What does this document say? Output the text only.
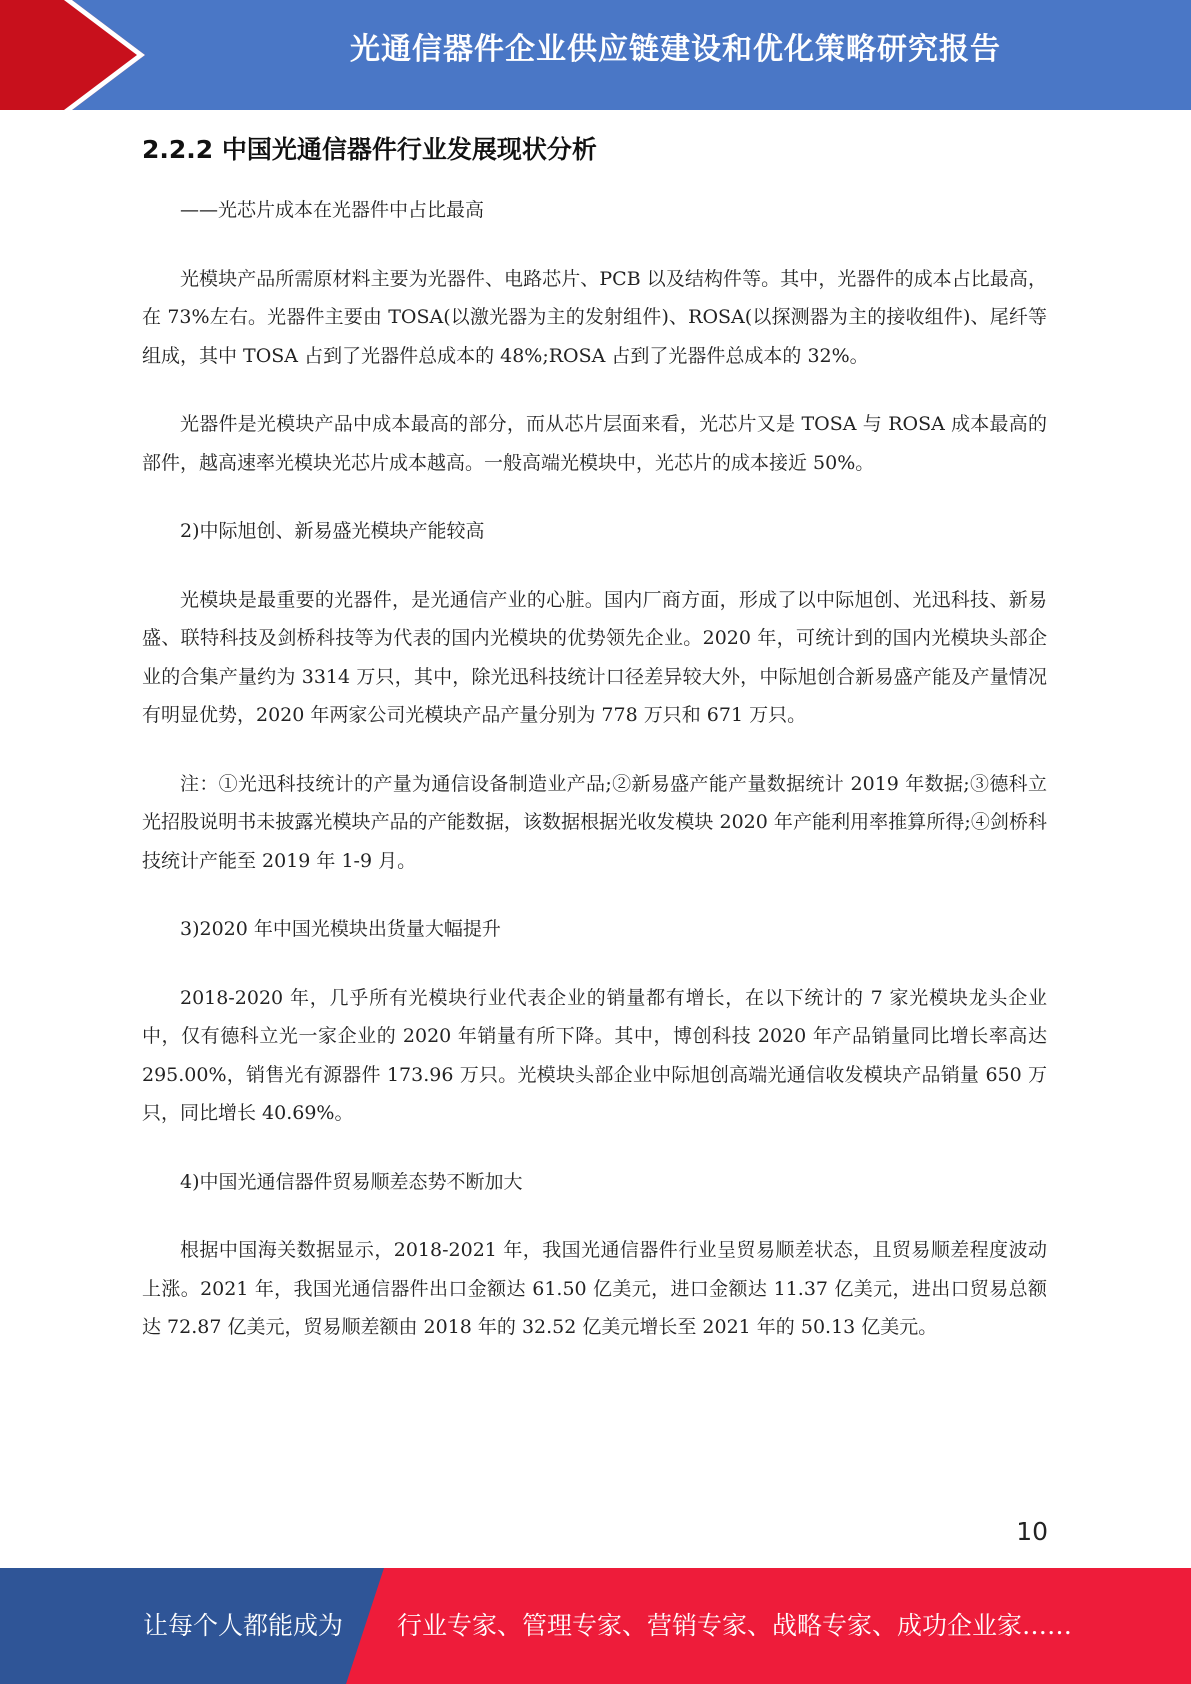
光通信器件企业供应链建设和优化策略研究报告
2.2.2 中国光通信器件行业发展现状分析

——光芯片成本在光器件中占比最高

光模块产品所需原材料主要为光器件、电路芯片、PCB 以及结构件等。其中，光器件的成本占比最高，在 73%左右。光器件主要由 TOSA(以激光器为主的发射组件)、ROSA(以探测器为主的接收组件)、尾纤等组成，其中 TOSA 占到了光器件总成本的 48%;ROSA 占到了光器件总成本的 32%。

光器件是光模块产品中成本最高的部分，而从芯片层面来看，光芯片又是 TOSA 与 ROSA 成本最高的部件，越高速率光模块光芯片成本越高。一般高端光模块中，光芯片的成本接近 50%。

2)中际旭创、新易盛光模块产能较高

光模块是最重要的光器件，是光通信产业的心脏。国内厂商方面，形成了以中际旭创、光迅科技、新易盛、联特科技及剑桥科技等为代表的国内光模块的优势领先企业。2020 年，可统计到的国内光模块头部企业的合集产量约为 3314 万只，其中，除光迅科技统计口径差异较大外，中际旭创合新易盛产能及产量情况有明显优势，2020 年两家公司光模块产品产量分别为 778 万只和 671 万只。

注：①光迅科技统计的产量为通信设备制造业产品;②新易盛产能产量数据统计 2019 年数据;③德科立光招股说明书未披露光模块产品的产能数据，该数据根据光收发模块 2020 年产能利用率推算所得;④剑桥科技统计产能至 2019 年 1-9 月。

3)2020 年中国光模块出货量大幅提升

2018-2020 年，几乎所有光模块行业代表企业的销量都有增长，在以下统计的 7 家光模块龙头企业中，仅有德科立光一家企业的 2020 年销量有所下降。其中，博创科技 2020 年产品销量同比增长率高达 295.00%，销售光有源器件 173.96 万只。光模块头部企业中际旭创高端光通信收发模块产品销量 650 万只，同比增长 40.69%。

4)中国光通信器件贸易顺差态势不断加大

根据中国海关数据显示，2018-2021 年，我国光通信器件行业呈贸易顺差状态，且贸易顺差程度波动上涨。2021 年，我国光通信器件出口金额达 61.50 亿美元，进口金额达 11.37 亿美元，进出口贸易总额达 72.87 亿美元，贸易顺差额由 2018 年的 32.52 亿美元增长至 2021 年的 50.13 亿美元。

10
让每个人都能成为 行业专家、管理专家、营销专家、战略专家、成功企业家……
